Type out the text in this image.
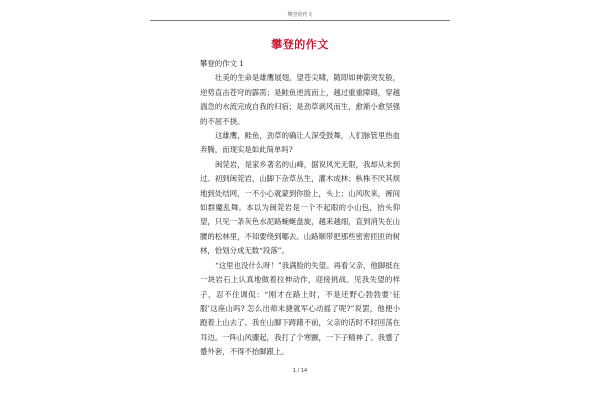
攀登的作文
攀登的作文

攀登的作文 1

壮美的生命是雄鹰展翅，望苍尖啸，随即如神箭突发般，逆势直击苍穹的霹雳；是鲑鱼逆流而上，越过重重障碍，穿越湍急的水流完成自我的归宿；是劲草剥风而生，愈渐小愈坚强的不屈不挠。

这雄鹰，鲑鱼，劲草的确让人深受鼓舞，人们脉管里热血奔腾，而现实是如此简单吗?

闽莞岩，是家乡著名的山峰，据说风光无限，我却从未到过。初到闽莞岩，山脚下杂草丛生，灌木成林；枞株不厌其烦地到处结网，一不小心就蒙到你脸上，头上；山风吹来，裤间如群魔乱舞。本以为闽莞岩是一个不起眼的小山包，抬头仰望，只见一条灰色水泥路蜿蜒盘旋，越来越细，直到消失在山腰的松林里，不知要绕到哪去。山路顺带把那些密密匝匝的树林，恰划分成无数“段落”。

“这里也没什么呀！”我满脸的失望。再看父亲，他脚抵在一块岩石上认真地做着拉伸动作，迎接挑战。见我失望的样子，忍不住调侃：“刚才在路上时，不是还野心勃勃要‘征服’这座山吗? 怎么出师未捷就军心动摇了呢?”说罢，他便小跑着上山去了。我在山脚下踌躇不前，父亲的话时不时回荡在耳边。一阵山风骤起，我打了个寒颤，一下子精神了。我蹙了蹙外套，不得不抬脚跟上。

1 / 14
